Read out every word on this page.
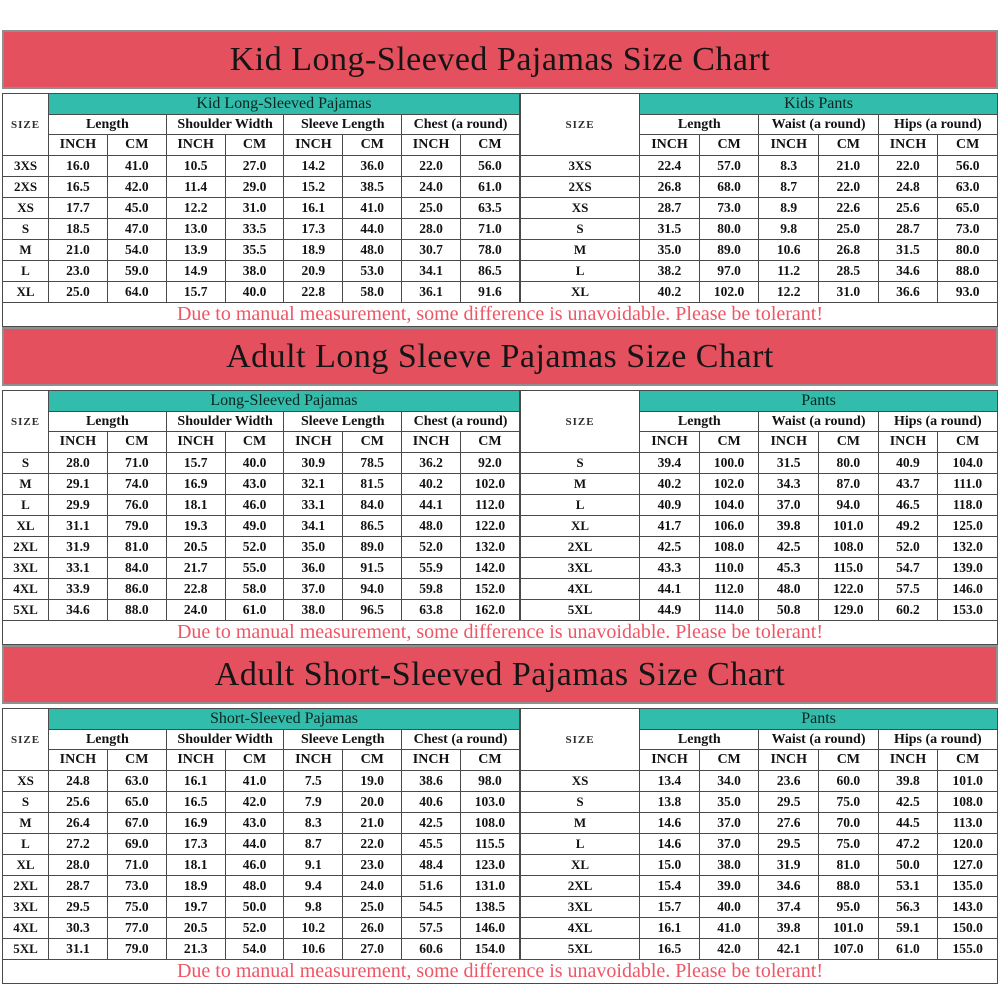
Kid Long-Sleeved Pajamas Size Chart
SIZE	Kid Long-Sleeved Pajamas							
	Length		Shoulder Width		Sleeve Length		Chest (a round)	
	INCH	CM	INCH	CM	INCH	CM	INCH	CM
3XS	16.0	41.0	10.5	27.0	14.2	36.0	22.0	56.0
2XS	16.5	42.0	11.4	29.0	15.2	38.5	24.0	61.0
XS	17.7	45.0	12.2	31.0	16.1	41.0	25.0	63.5
S	18.5	47.0	13.0	33.5	17.3	44.0	28.0	71.0
M	21.0	54.0	13.9	35.5	18.9	48.0	30.7	78.0
L	23.0	59.0	14.9	38.0	20.9	53.0	34.1	86.5
XL	25.0	64.0	15.7	40.0	22.8	58.0	36.1	91.6
SIZE	Kids Pants					
	Length		Waist (a round)		Hips (a round)	
	INCH	CM	INCH	CM	INCH	CM
3XS	22.4	57.0	8.3	21.0	22.0	56.0
2XS	26.8	68.0	8.7	22.0	24.8	63.0
XS	28.7	73.0	8.9	22.6	25.6	65.0
S	31.5	80.0	9.8	25.0	28.7	73.0
M	35.0	89.0	10.6	26.8	31.5	80.0
L	38.2	97.0	11.2	28.5	34.6	88.0
XL	40.2	102.0	12.2	31.0	36.6	93.0
Due to manual measurement, some difference is unavoidable. Please be tolerant!
Adult Long Sleeve Pajamas Size Chart
SIZE	Long-Sleeved Pajamas							
	Length		Shoulder Width		Sleeve Length		Chest (a round)	
	INCH	CM	INCH	CM	INCH	CM	INCH	CM
S	28.0	71.0	15.7	40.0	30.9	78.5	36.2	92.0
M	29.1	74.0	16.9	43.0	32.1	81.5	40.2	102.0
L	29.9	76.0	18.1	46.0	33.1	84.0	44.1	112.0
XL	31.1	79.0	19.3	49.0	34.1	86.5	48.0	122.0
2XL	31.9	81.0	20.5	52.0	35.0	89.0	52.0	132.0
3XL	33.1	84.0	21.7	55.0	36.0	91.5	55.9	142.0
4XL	33.9	86.0	22.8	58.0	37.0	94.0	59.8	152.0
5XL	34.6	88.0	24.0	61.0	38.0	96.5	63.8	162.0
SIZE	Pants					
	Length		Waist (a round)		Hips (a round)	
	INCH	CM	INCH	CM	INCH	CM
S	39.4	100.0	31.5	80.0	40.9	104.0
M	40.2	102.0	34.3	87.0	43.7	111.0
L	40.9	104.0	37.0	94.0	46.5	118.0
XL	41.7	106.0	39.8	101.0	49.2	125.0
2XL	42.5	108.0	42.5	108.0	52.0	132.0
3XL	43.3	110.0	45.3	115.0	54.7	139.0
4XL	44.1	112.0	48.0	122.0	57.5	146.0
5XL	44.9	114.0	50.8	129.0	60.2	153.0
Due to manual measurement, some difference is unavoidable. Please be tolerant!
Adult Short-Sleeved Pajamas Size Chart
SIZE	Short-Sleeved Pajamas							
	Length		Shoulder Width		Sleeve Length		Chest (a round)	
	INCH	CM	INCH	CM	INCH	CM	INCH	CM
XS	24.8	63.0	16.1	41.0	7.5	19.0	38.6	98.0
S	25.6	65.0	16.5	42.0	7.9	20.0	40.6	103.0
M	26.4	67.0	16.9	43.0	8.3	21.0	42.5	108.0
L	27.2	69.0	17.3	44.0	8.7	22.0	45.5	115.5
XL	28.0	71.0	18.1	46.0	9.1	23.0	48.4	123.0
2XL	28.7	73.0	18.9	48.0	9.4	24.0	51.6	131.0
3XL	29.5	75.0	19.7	50.0	9.8	25.0	54.5	138.5
4XL	30.3	77.0	20.5	52.0	10.2	26.0	57.5	146.0
5XL	31.1	79.0	21.3	54.0	10.6	27.0	60.6	154.0
SIZE	Pants					
	Length		Waist (a round)		Hips (a round)	
	INCH	CM	INCH	CM	INCH	CM
XS	13.4	34.0	23.6	60.0	39.8	101.0
S	13.8	35.0	29.5	75.0	42.5	108.0
M	14.6	37.0	27.6	70.0	44.5	113.0
L	14.6	37.0	29.5	75.0	47.2	120.0
XL	15.0	38.0	31.9	81.0	50.0	127.0
2XL	15.4	39.0	34.6	88.0	53.1	135.0
3XL	15.7	40.0	37.4	95.0	56.3	143.0
4XL	16.1	41.0	39.8	101.0	59.1	150.0
5XL	16.5	42.0	42.1	107.0	61.0	155.0
Due to manual measurement, some difference is unavoidable. Please be tolerant!
